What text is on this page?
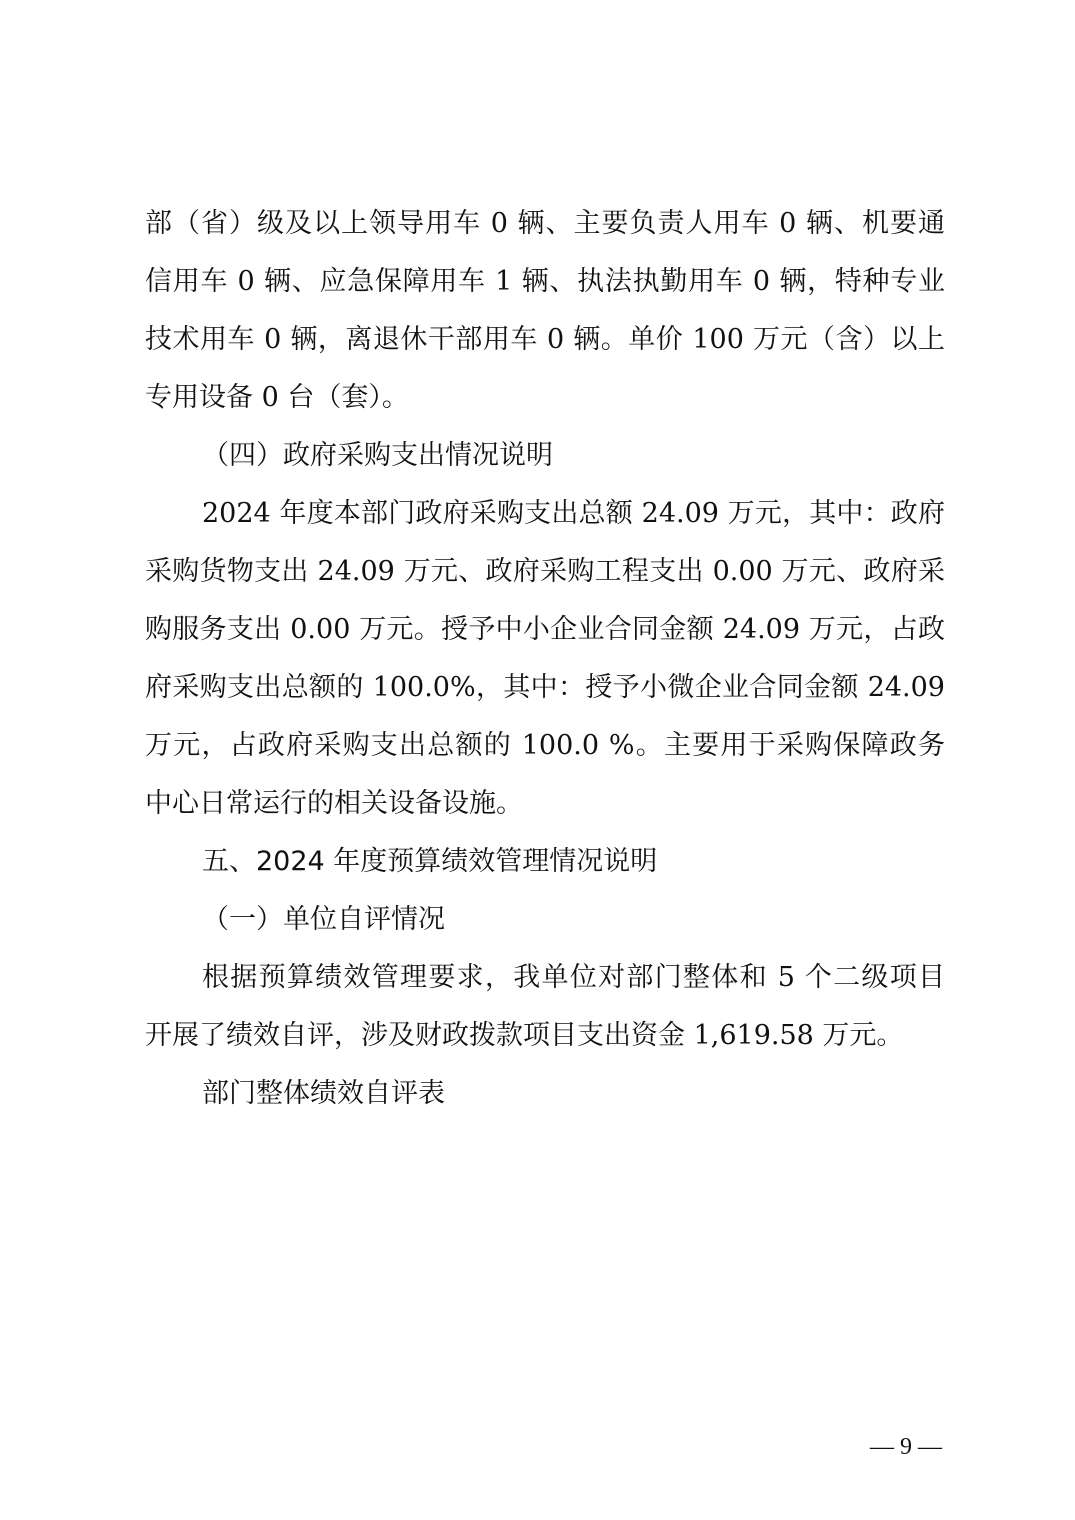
部（省）级及以上领导用车 0 辆、主要负责人用车 0 辆、机要通
信用车 0 辆、应急保障用车 1 辆、执法执勤用车 0 辆，特种专业
技术用车 0 辆，离退休干部用车 0 辆。单价 100 万元（含）以上
专用设备 0 台（套）。
（四）政府采购支出情况说明
2024 年度本部门政府采购支出总额 24.09 万元，其中：政府
采购货物支出 24.09 万元、政府采购工程支出 0.00 万元、政府采
购服务支出 0.00 万元。授予中小企业合同金额 24.09 万元，占政
府采购支出总额的 100.0%，其中：授予小微企业合同金额 24.09
万元，占政府采购支出总额的 100.0 %。主要用于采购保障政务
中心日常运行的相关设备设施。
五、2024 年度预算绩效管理情况说明
（一）单位自评情况
根据预算绩效管理要求，我单位对部门整体和 5 个二级项目
开展了绩效自评，涉及财政拨款项目支出资金 1,619.58 万元。
部门整体绩效自评表
— 9 —
